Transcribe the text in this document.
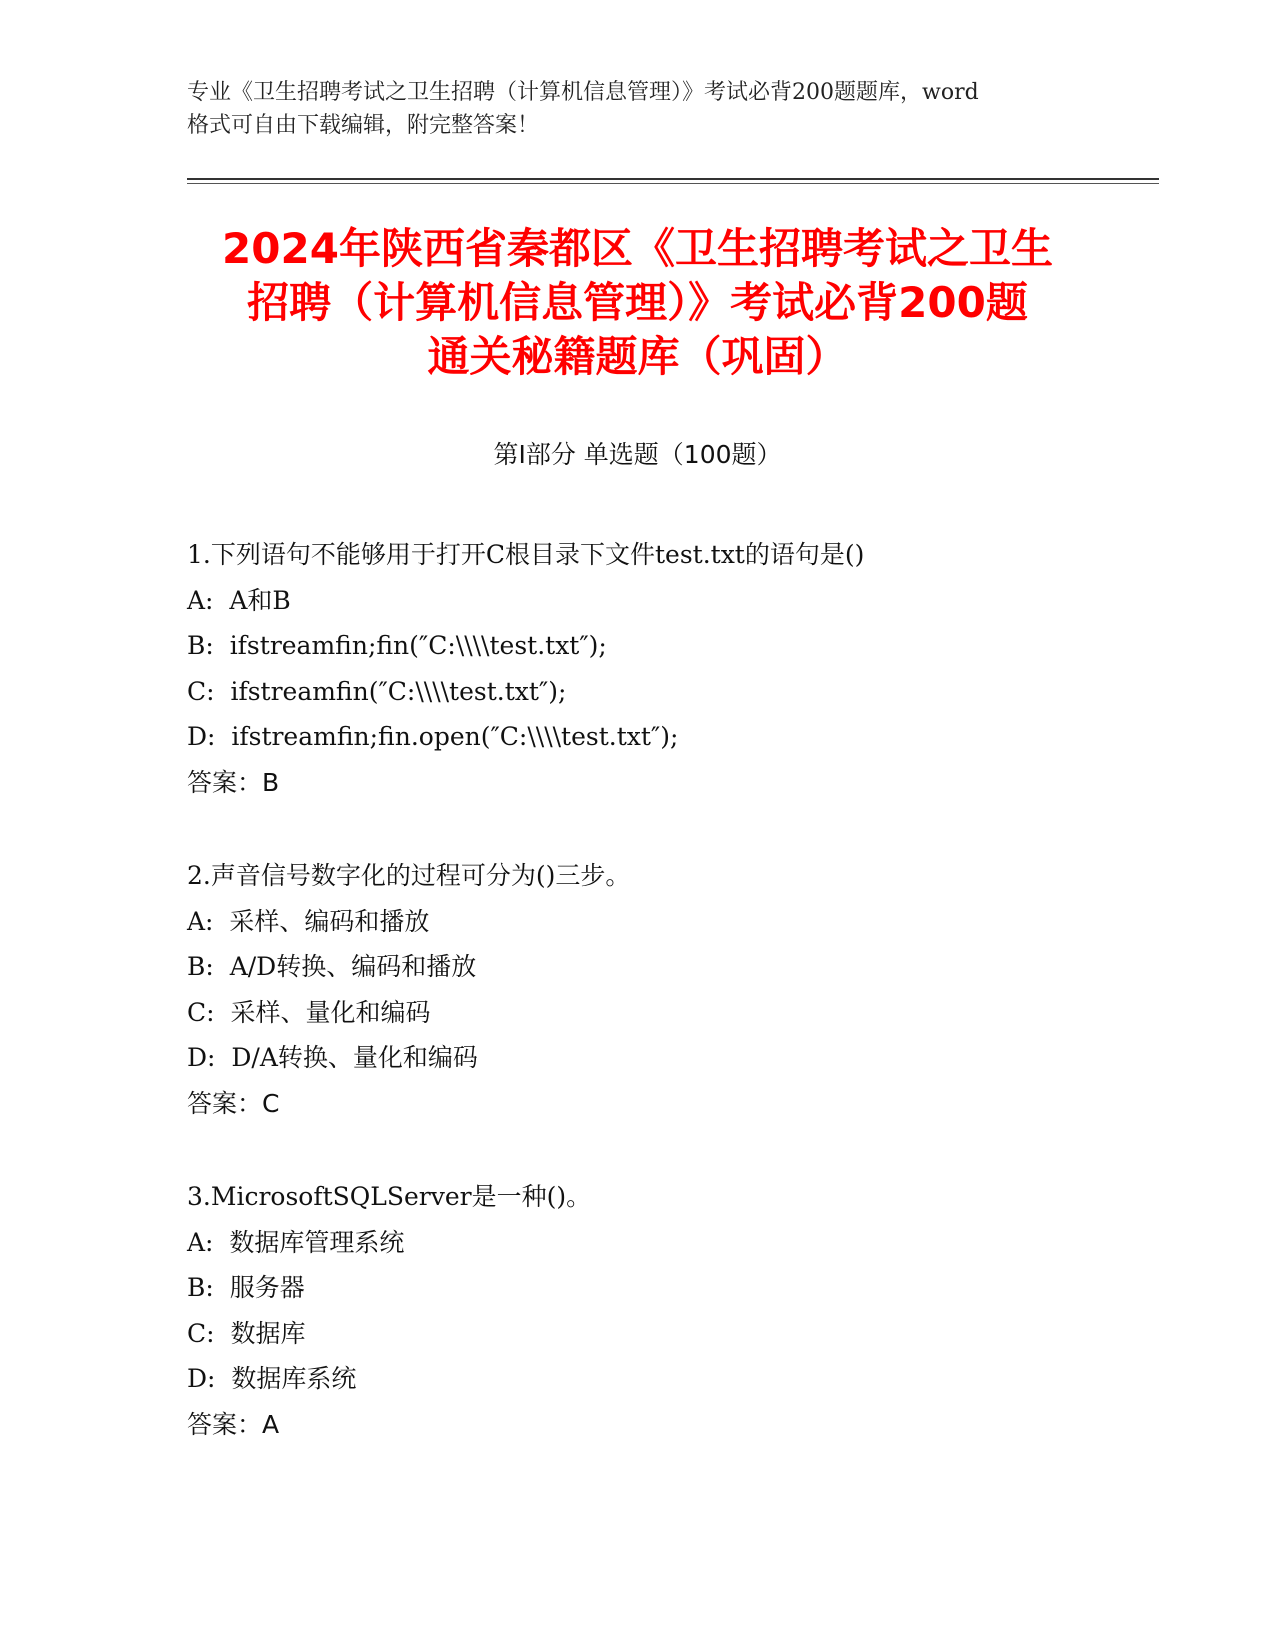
专业《卫生招聘考试之卫生招聘（计算机信息管理）》考试必背200题题库，word
格式可自由下载编辑，附完整答案！
2024年陕西省秦都区《卫生招聘考试之卫生
招聘（计算机信息管理）》考试必背200题
通关秘籍题库（巩固）
第I部分 单选题（100题）
1.下列语句不能够用于打开C根目录下文件test.txt的语句是()
A:  A和B
B:  ifstreamfin;fin(″C:\\\\test.txt″);
C:  ifstreamfin(″C:\\\\test.txt″);
D:  ifstreamfin;fin.open(″C:\\\\test.txt″);
答案：B
2.声音信号数字化的过程可分为()三步。
A:  采样、编码和播放
B:  A/D转换、编码和播放
C:  采样、量化和编码
D:  D/A转换、量化和编码
答案：C
3.MicrosoftSQLServer是一种()。
A:  数据库管理系统
B:  服务器
C:  数据库
D:  数据库系统
答案：A
